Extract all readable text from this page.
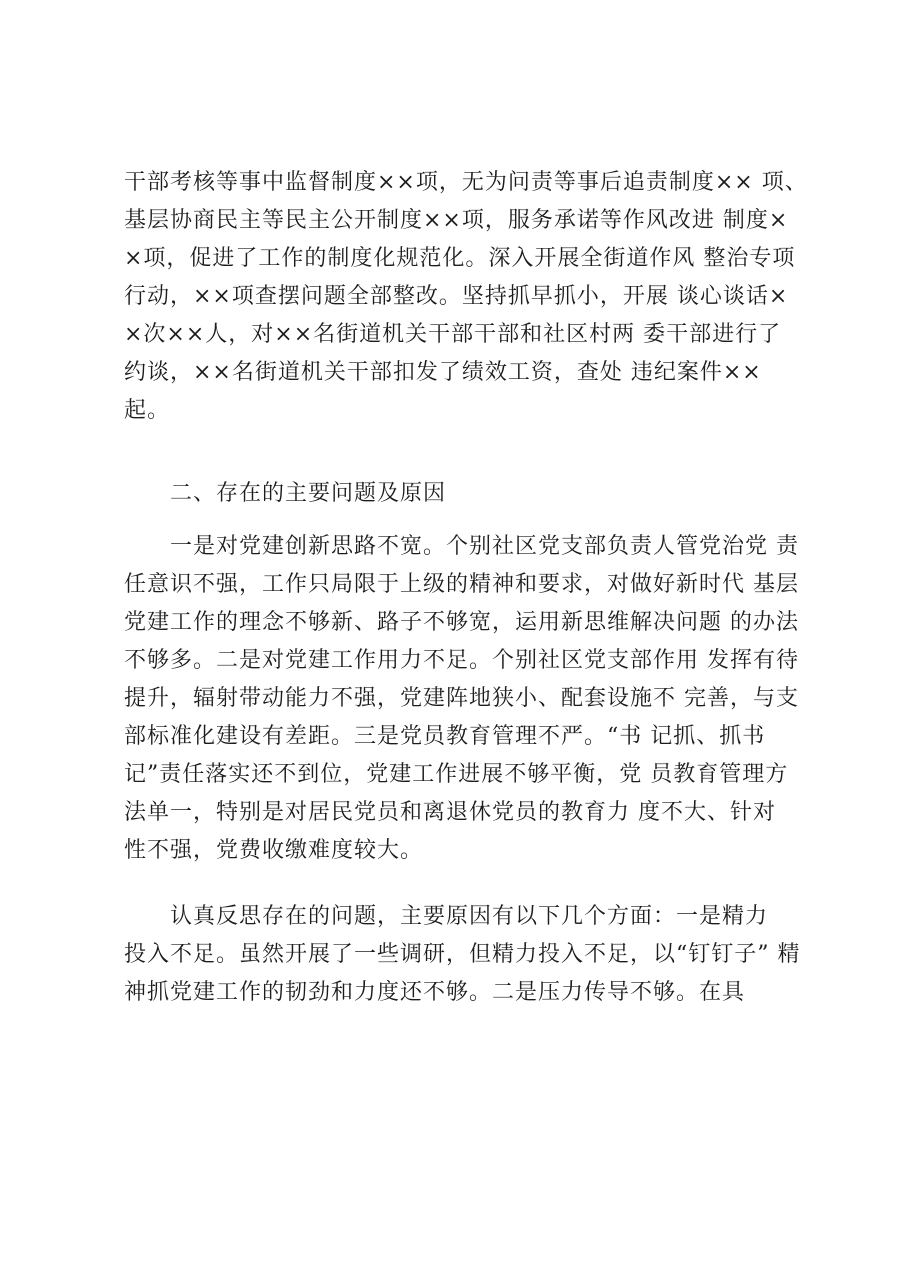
干部考核等事中监督制度××项，无为问责等事后追责制度×× 项、
基层协商民主等民主公开制度××项，服务承诺等作风改进 制度×
×项，促进了工作的制度化规范化。深入开展全街道作风 整治专项
行动，××项查摆问题全部整改。坚持抓早抓小，开展 谈心谈话×
×次××人，对××名街道机关干部干部和社区村两 委干部进行了
约谈，××名街道机关干部扣发了绩效工资，查处 违纪案件××
起。
二、存在的主要问题及原因
一是对党建创新思路不宽。个别社区党支部负责人管党治党 责
任意识不强，工作只局限于上级的精神和要求，对做好新时代 基层
党建工作的理念不够新、路子不够宽，运用新思维解决问题 的办法
不够多。二是对党建工作用力不足。个别社区党支部作用 发挥有待
提升，辐射带动能力不强，党建阵地狭小、配套设施不 完善，与支
部标准化建设有差距。三是党员教育管理不严。“书 记抓、抓书
记”责任落实还不到位，党建工作进展不够平衡，党 员教育管理方
法单一，特别是对居民党员和离退休党员的教育力 度不大、针对
性不强，党费收缴难度较大。
认真反思存在的问题，主要原因有以下几个方面：一是精力
投入不足。虽然开展了一些调研，但精力投入不足，以“钉钉子” 精
神抓党建工作的韧劲和力度还不够。二是压力传导不够。在具
